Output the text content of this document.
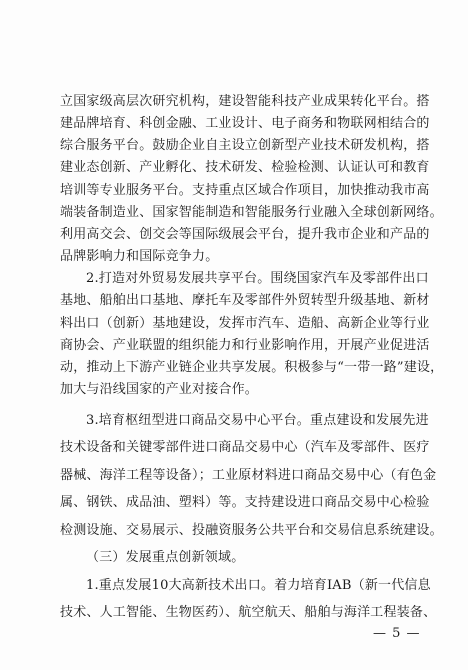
立国家级高层次研究机构，建设智能科技产业成果转化平台。搭
建品牌培育、科创金融、工业设计、电子商务和物联网相结合的
综合服务平台。鼓励企业自主设立创新型产业技术研发机构，搭
建业态创新、产业孵化、技术研发、检验检测、认证认可和教育
培训等专业服务平台。支持重点区域合作项目，加快推动我市高
端装备制造业、国家智能制造和智能服务行业融入全球创新网络。
利用高交会、创交会等国际级展会平台，提升我市企业和产品的
品牌影响力和国际竞争力。
2.打造对外贸易发展共享平台。围绕国家汽车及零部件出口
基地、船舶出口基地、摩托车及零部件外贸转型升级基地、新材
料出口（创新）基地建设，发挥市汽车、造船、高新企业等行业
商协会、产业联盟的组织能力和行业影响作用，开展产业促进活
动，推动上下游产业链企业共享发展。积极参与“一带一路”建设，
加大与沿线国家的产业对接合作。
3.培育枢纽型进口商品交易中心平台。重点建设和发展先进
技术设备和关键零部件进口商品交易中心（汽车及零部件、医疗
器械、海洋工程等设备）；工业原材料进口商品交易中心（有色金
属、钢铁、成品油、塑料）等。支持建设进口商品交易中心检验
检测设施、交易展示、投融资服务公共平台和交易信息系统建设。
（三）发展重点创新领域。
1.重点发展10大高新技术出口。着力培育IAB（新一代信息
技术、人工智能、生物医药）、航空航天、船舶与海洋工程装备、
— 5 —
